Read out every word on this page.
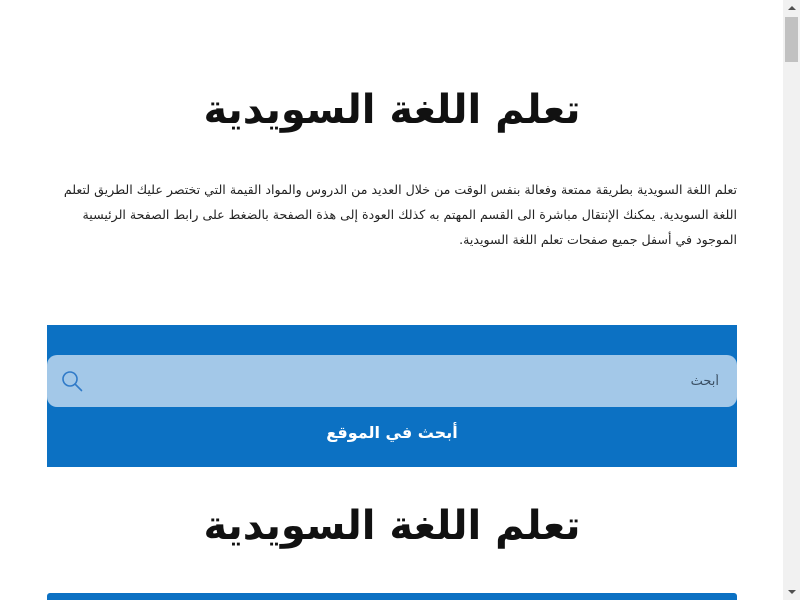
تعلم اللغة السويدية

تعلم اللغة السويدية بطريقة ممتعة وفعالة بنفس الوقت من خلال العديد من الدروس والمواد القيمة التي تختصر عليك الطريق لتعلم اللغة السويدية. يمكنك الإنتقال مباشرة الى القسم المهتم به كذلك العودة إلى هذة الصفحة بالضغط على رابط الصفحة الرئيسية الموجود في أسفل جميع صفحات تعلم اللغة السويدية.

أبحث
أبحث في الموقع
تعلم اللغة السويدية
